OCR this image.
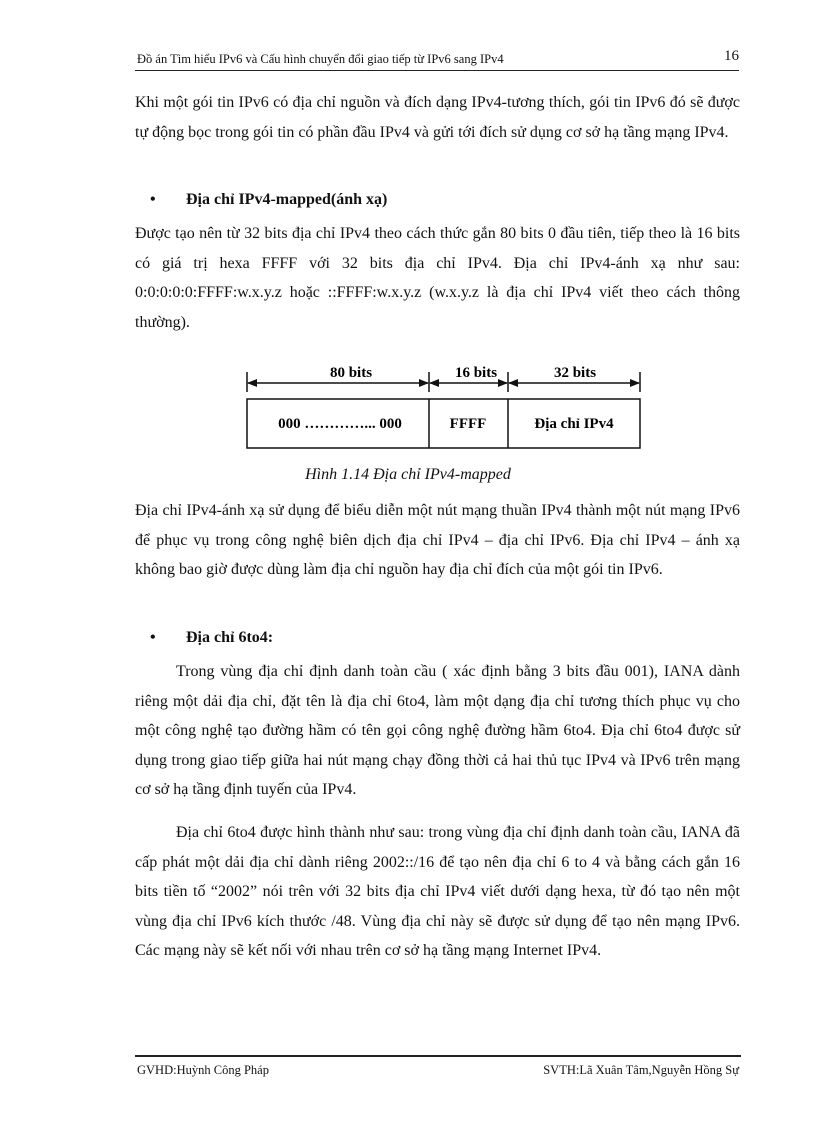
Đồ án Tìm hiểu IPv6 và Cấu hình chuyển đổi giao tiếp từ IPv6 sang IPv4	16

Khi một gói tin IPv6 có địa chỉ nguồn và đích dạng IPv4-tương thích, gói tin IPv6 đó sẽ được tự động bọc trong gói tin có phần đầu IPv4 và gửi tới đích sử dụng cơ sở hạ tầng mạng IPv4.

• Địa chỉ IPv4-mapped(ánh xạ)

Được tạo nên từ 32 bits địa chỉ IPv4 theo cách thức gắn 80 bits 0 đầu tiên, tiếp theo là 16 bits có giá trị hexa FFFF với 32 bits địa chỉ IPv4. Địa chỉ IPv4-ánh xạ như sau: 0:0:0:0:0:FFFF:w.x.y.z hoặc ::FFFF:w.x.y.z (w.x.y.z là địa chỉ IPv4 viết theo cách thông thường).

80 bits	16 bits	32 bits
000 …………... 000	FFFF	Địa chỉ IPv4
Hình 1.14 Địa chỉ IPv4-mapped

Địa chỉ IPv4-ánh xạ sử dụng để biểu diễn một nút mạng thuần IPv4 thành một nút mạng IPv6 để phục vụ trong công nghệ biên dịch địa chỉ IPv4 – địa chỉ IPv6. Địa chỉ IPv4 – ánh xạ không bao giờ được dùng làm địa chỉ nguồn hay địa chỉ đích của một gói tin IPv6.

• Địa chỉ 6to4:

Trong vùng địa chỉ định danh toàn cầu ( xác định bằng 3 bits đầu 001), IANA dành riêng một dải địa chỉ, đặt tên là địa chỉ 6to4, làm một dạng địa chỉ tương thích phục vụ cho một công nghệ tạo đường hầm có tên gọi công nghệ đường hầm 6to4. Địa chỉ 6to4 được sử dụng trong giao tiếp giữa hai nút mạng chạy đồng thời cả hai thủ tục IPv4 và IPv6 trên mạng cơ sở hạ tầng định tuyến của IPv4.

Địa chỉ 6to4 được hình thành như sau: trong vùng địa chỉ định danh toàn cầu, IANA đã cấp phát một dải địa chỉ dành riêng 2002::/16 để tạo nên địa chỉ 6 to 4 và bằng cách gắn 16 bits tiền tố “2002” nói trên với 32 bits địa chỉ IPv4 viết dưới dạng hexa, từ đó tạo nên một vùng địa chỉ IPv6 kích thước /48. Vùng địa chỉ này sẽ được sử dụng để tạo nên mạng IPv6. Các mạng này sẽ kết nối với nhau trên cơ sở hạ tầng mạng Internet IPv4.

GVHD:Huỳnh Công Pháp	SVTH:Lã Xuân Tâm,Nguyễn Hồng Sự
